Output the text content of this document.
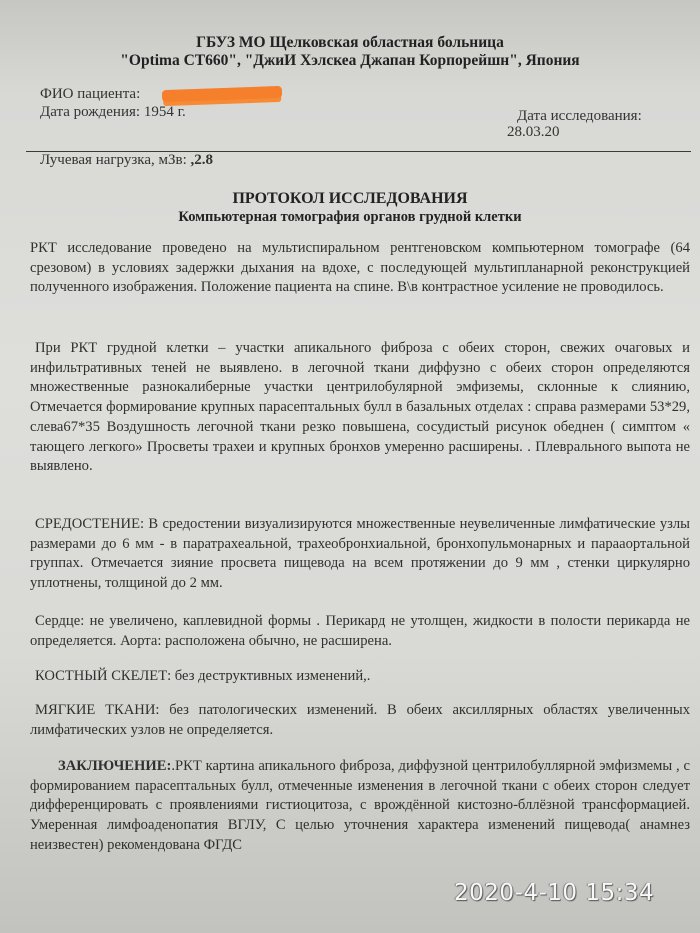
ГБУЗ МО Щелковская областная больница
"Optima CT660", "ДжиИ Хэлскеа Джапан Корпорейшн", Япония
ФИО пациента:
Дата рождения: 1954 г.	Дата исследования:
28.03.20
Лучевая нагрузка, мЗв: ,2.8
ПРОТОКОЛ ИССЛЕДОВАНИЯ
Компьютерная томография органов грудной клетки
РКТ исследование проведено на мультиспиральном рентгеновском компьютерном томографе (64 срезовом) в условиях задержки дыхания на вдохе, с последующей мультипланарной реконструкцией полученного изображения. Положение пациента на спине. В\в контрастное усиление не проводилось.
При РКТ грудной клетки – участки апикального фиброза с обеих сторон, свежих очаговых и инфильтративных теней не выявлено. в легочной ткани диффузно с обеих сторон определяются множественные разнокалиберные участки центрилобулярной эмфиземы, склонные к слиянию, Отмечается формирование крупных парасептальных булл в базальных отделах : справа размерами 53*29, слева67*35 Воздушность легочной ткани резко повышена, сосудистый рисунок обеднен ( симптом « тающего легкого» Просветы трахеи и крупных бронхов умеренно расширены. . Плеврального выпота не выявлено.
СРЕДОСТЕНИЕ: В средостении визуализируются множественные неувеличенные лимфатические узлы размерами до 6 мм - в паратрахеальной, трахеобронхиальной, бронхопульмонарных и парааортальной группах. Отмечается зияние просвета пищевода на всем протяжении до 9 мм , стенки циркулярно уплотнены, толщиной до 2 мм.
Сердце: не увеличено, каплевидной формы . Перикард не утолщен, жидкости в полости перикарда не определяется. Аорта: расположена обычно, не расширена.
КОСТНЫЙ СКЕЛЕТ: без деструктивных изменений,.
МЯГКИЕ ТКАНИ: без патологических изменений. В обеих аксиллярных областях увеличенных лимфатических узлов не определяется.
ЗАКЛЮЧЕНИЕ:.РКТ картина апикального фиброза, диффузной центрилобуллярной эмфизмемы , с формированием парасептальных булл, отмеченные изменения в легочной ткани с обеих сторон следует дифференцировать с проявлениями гистиоцитоза, с врождённой кистозно-бллёзной трансформацией. Умеренная лимфоаденопатия ВГЛУ, С целью уточнения характера изменений пищевода( анамнез неизвестен) рекомендована ФГДС
2020-4-10 15:34
